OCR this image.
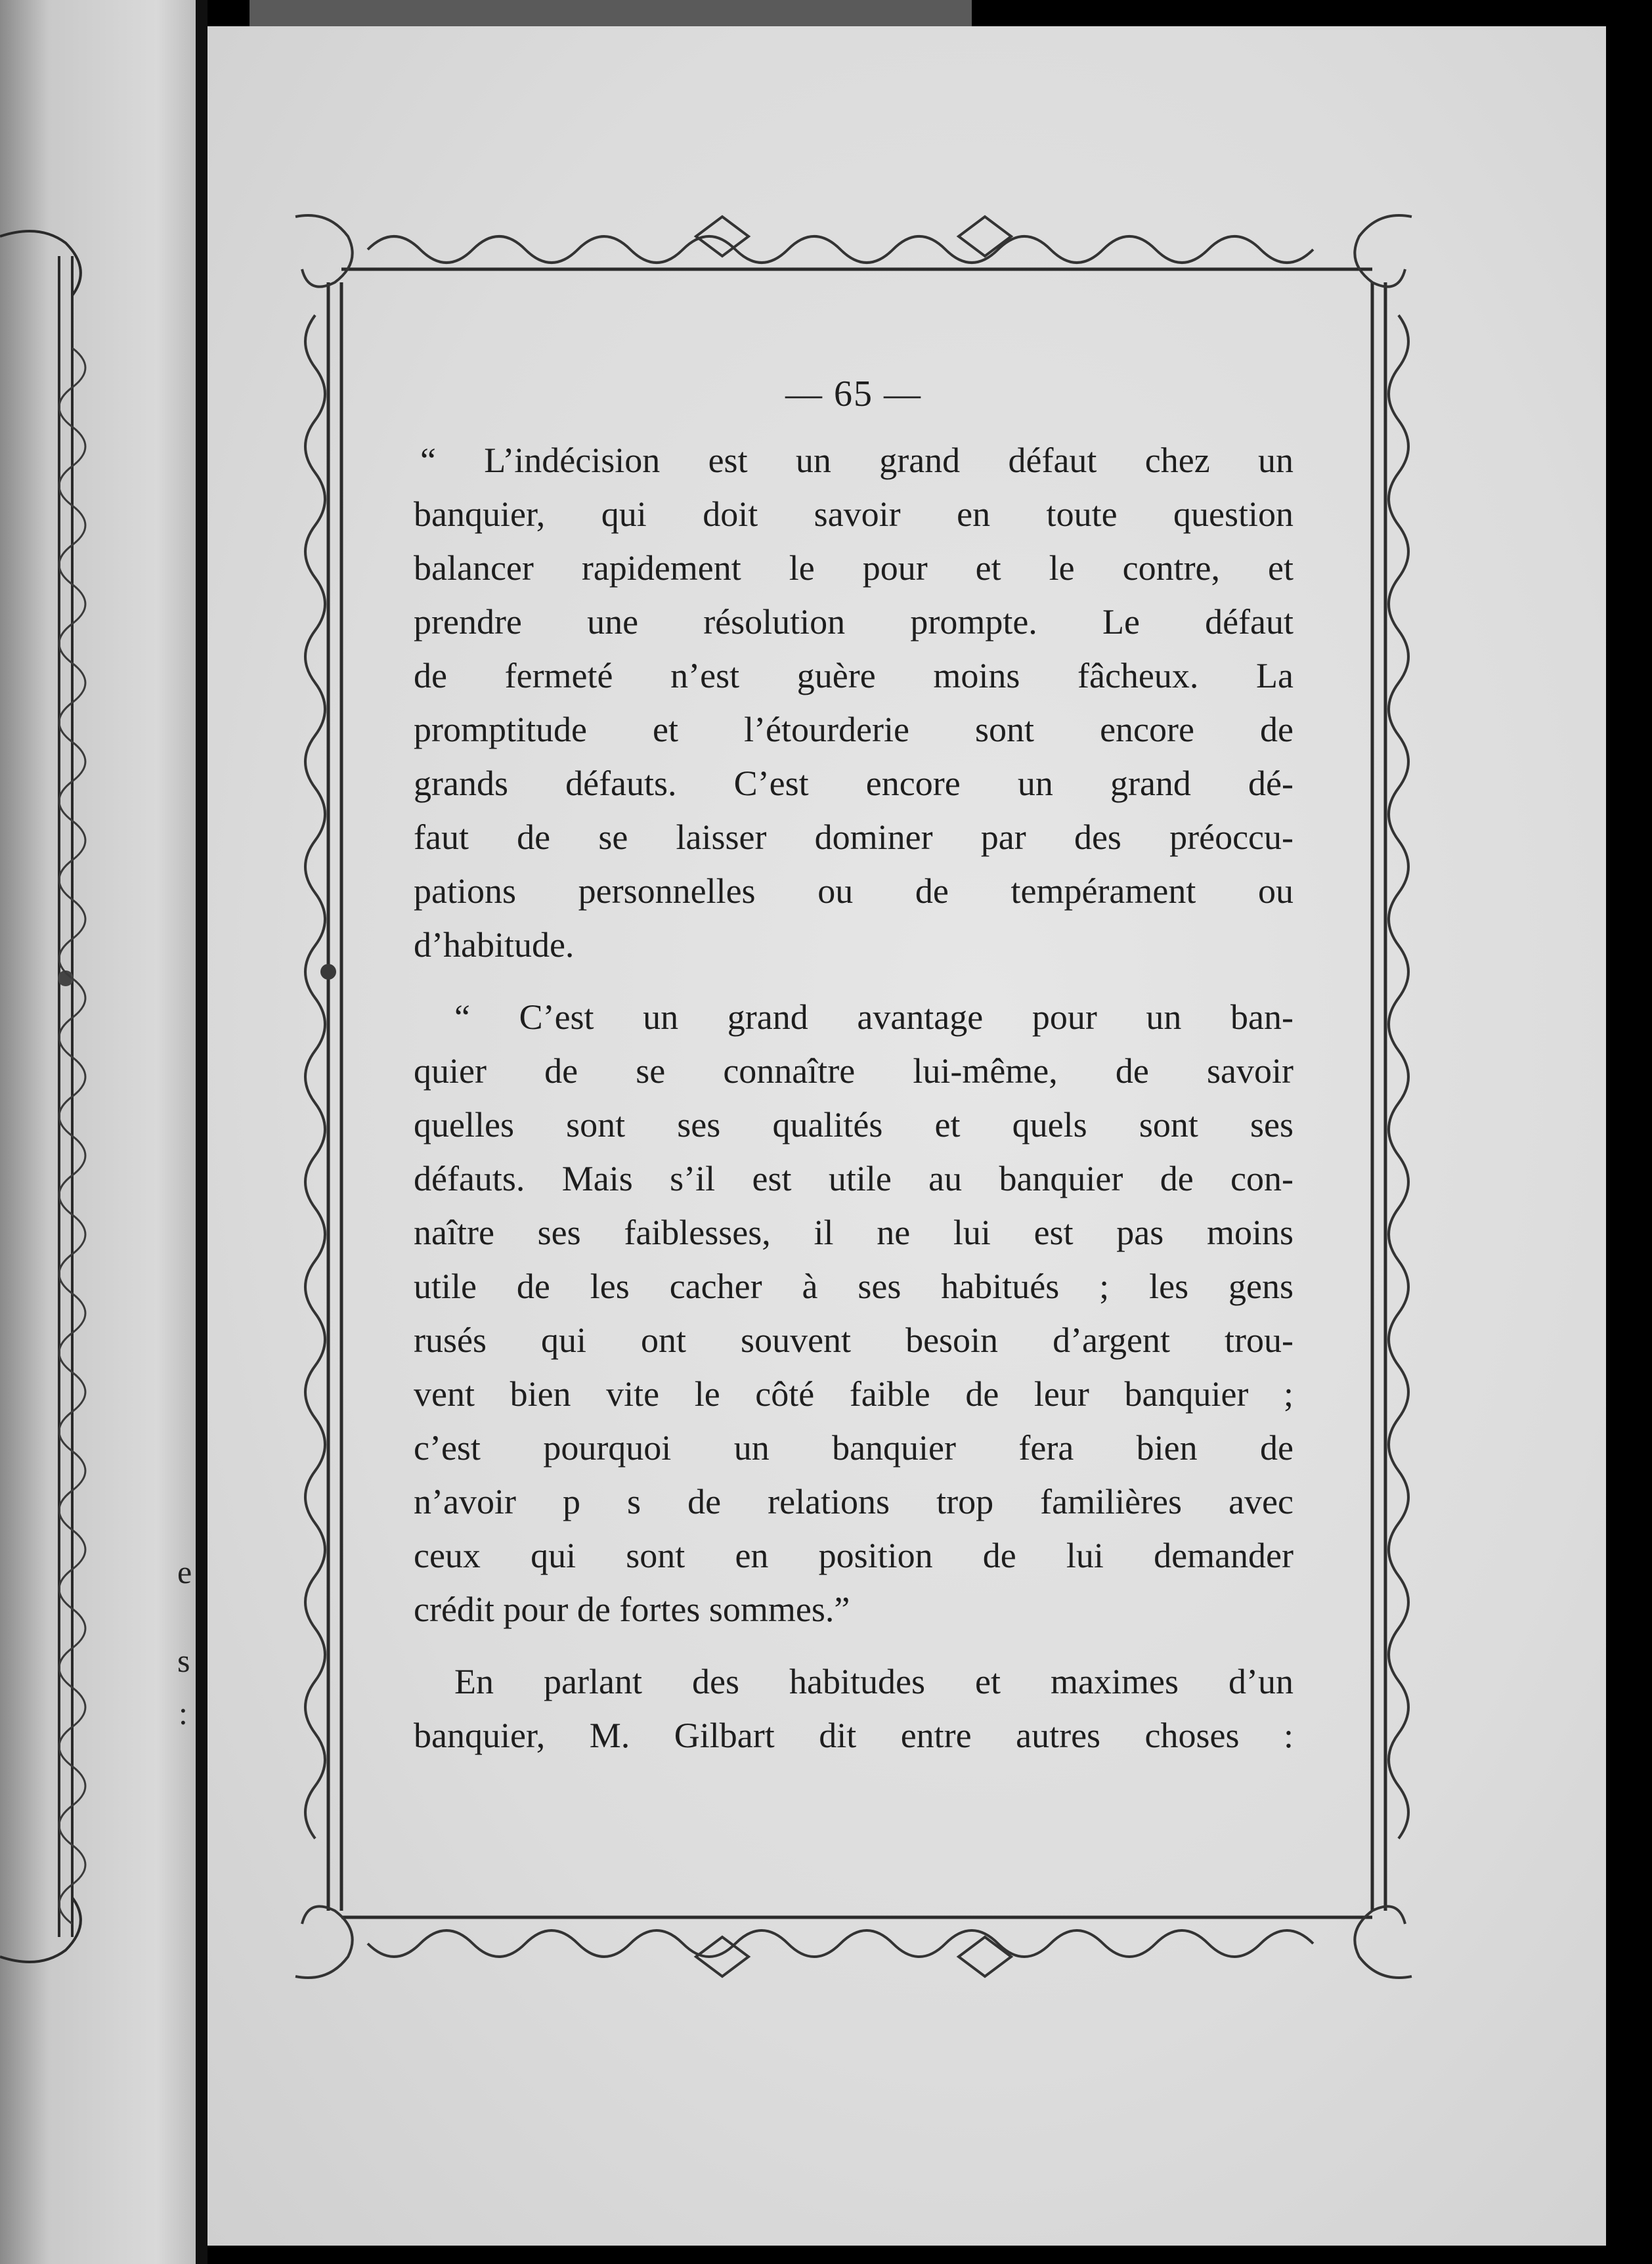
e
s
:
— 65 —
“ L’indécision est un grand défaut chez un
banquier, qui doit savoir en toute question
balancer rapidement le pour et le contre, et
prendre une résolution prompte. Le défaut
de fermeté n’est guère moins fâcheux. La
promptitude et l’étourderie sont encore de
grands défauts. C’est encore un grand dé-
faut de se laisser dominer par des préoccu-
pations personnelles ou de tempérament ou
d’habitude.
“ C’est un grand avantage pour un ban-
quier de se connaître lui-même, de savoir
quelles sont ses qualités et quels sont ses
défauts. Mais s’il est utile au banquier de con-
naître ses faiblesses, il ne lui est pas moins
utile de les cacher à ses habitués ; les gens
rusés qui ont souvent besoin d’argent trou-
vent bien vite le côté faible de leur banquier ;
c’est pourquoi un banquier fera bien de
n’avoir p s de relations trop familières avec
ceux qui sont en position de lui demander
crédit pour de fortes sommes.”
En parlant des habitudes et maximes d’un
banquier, M. Gilbart dit entre autres choses :
